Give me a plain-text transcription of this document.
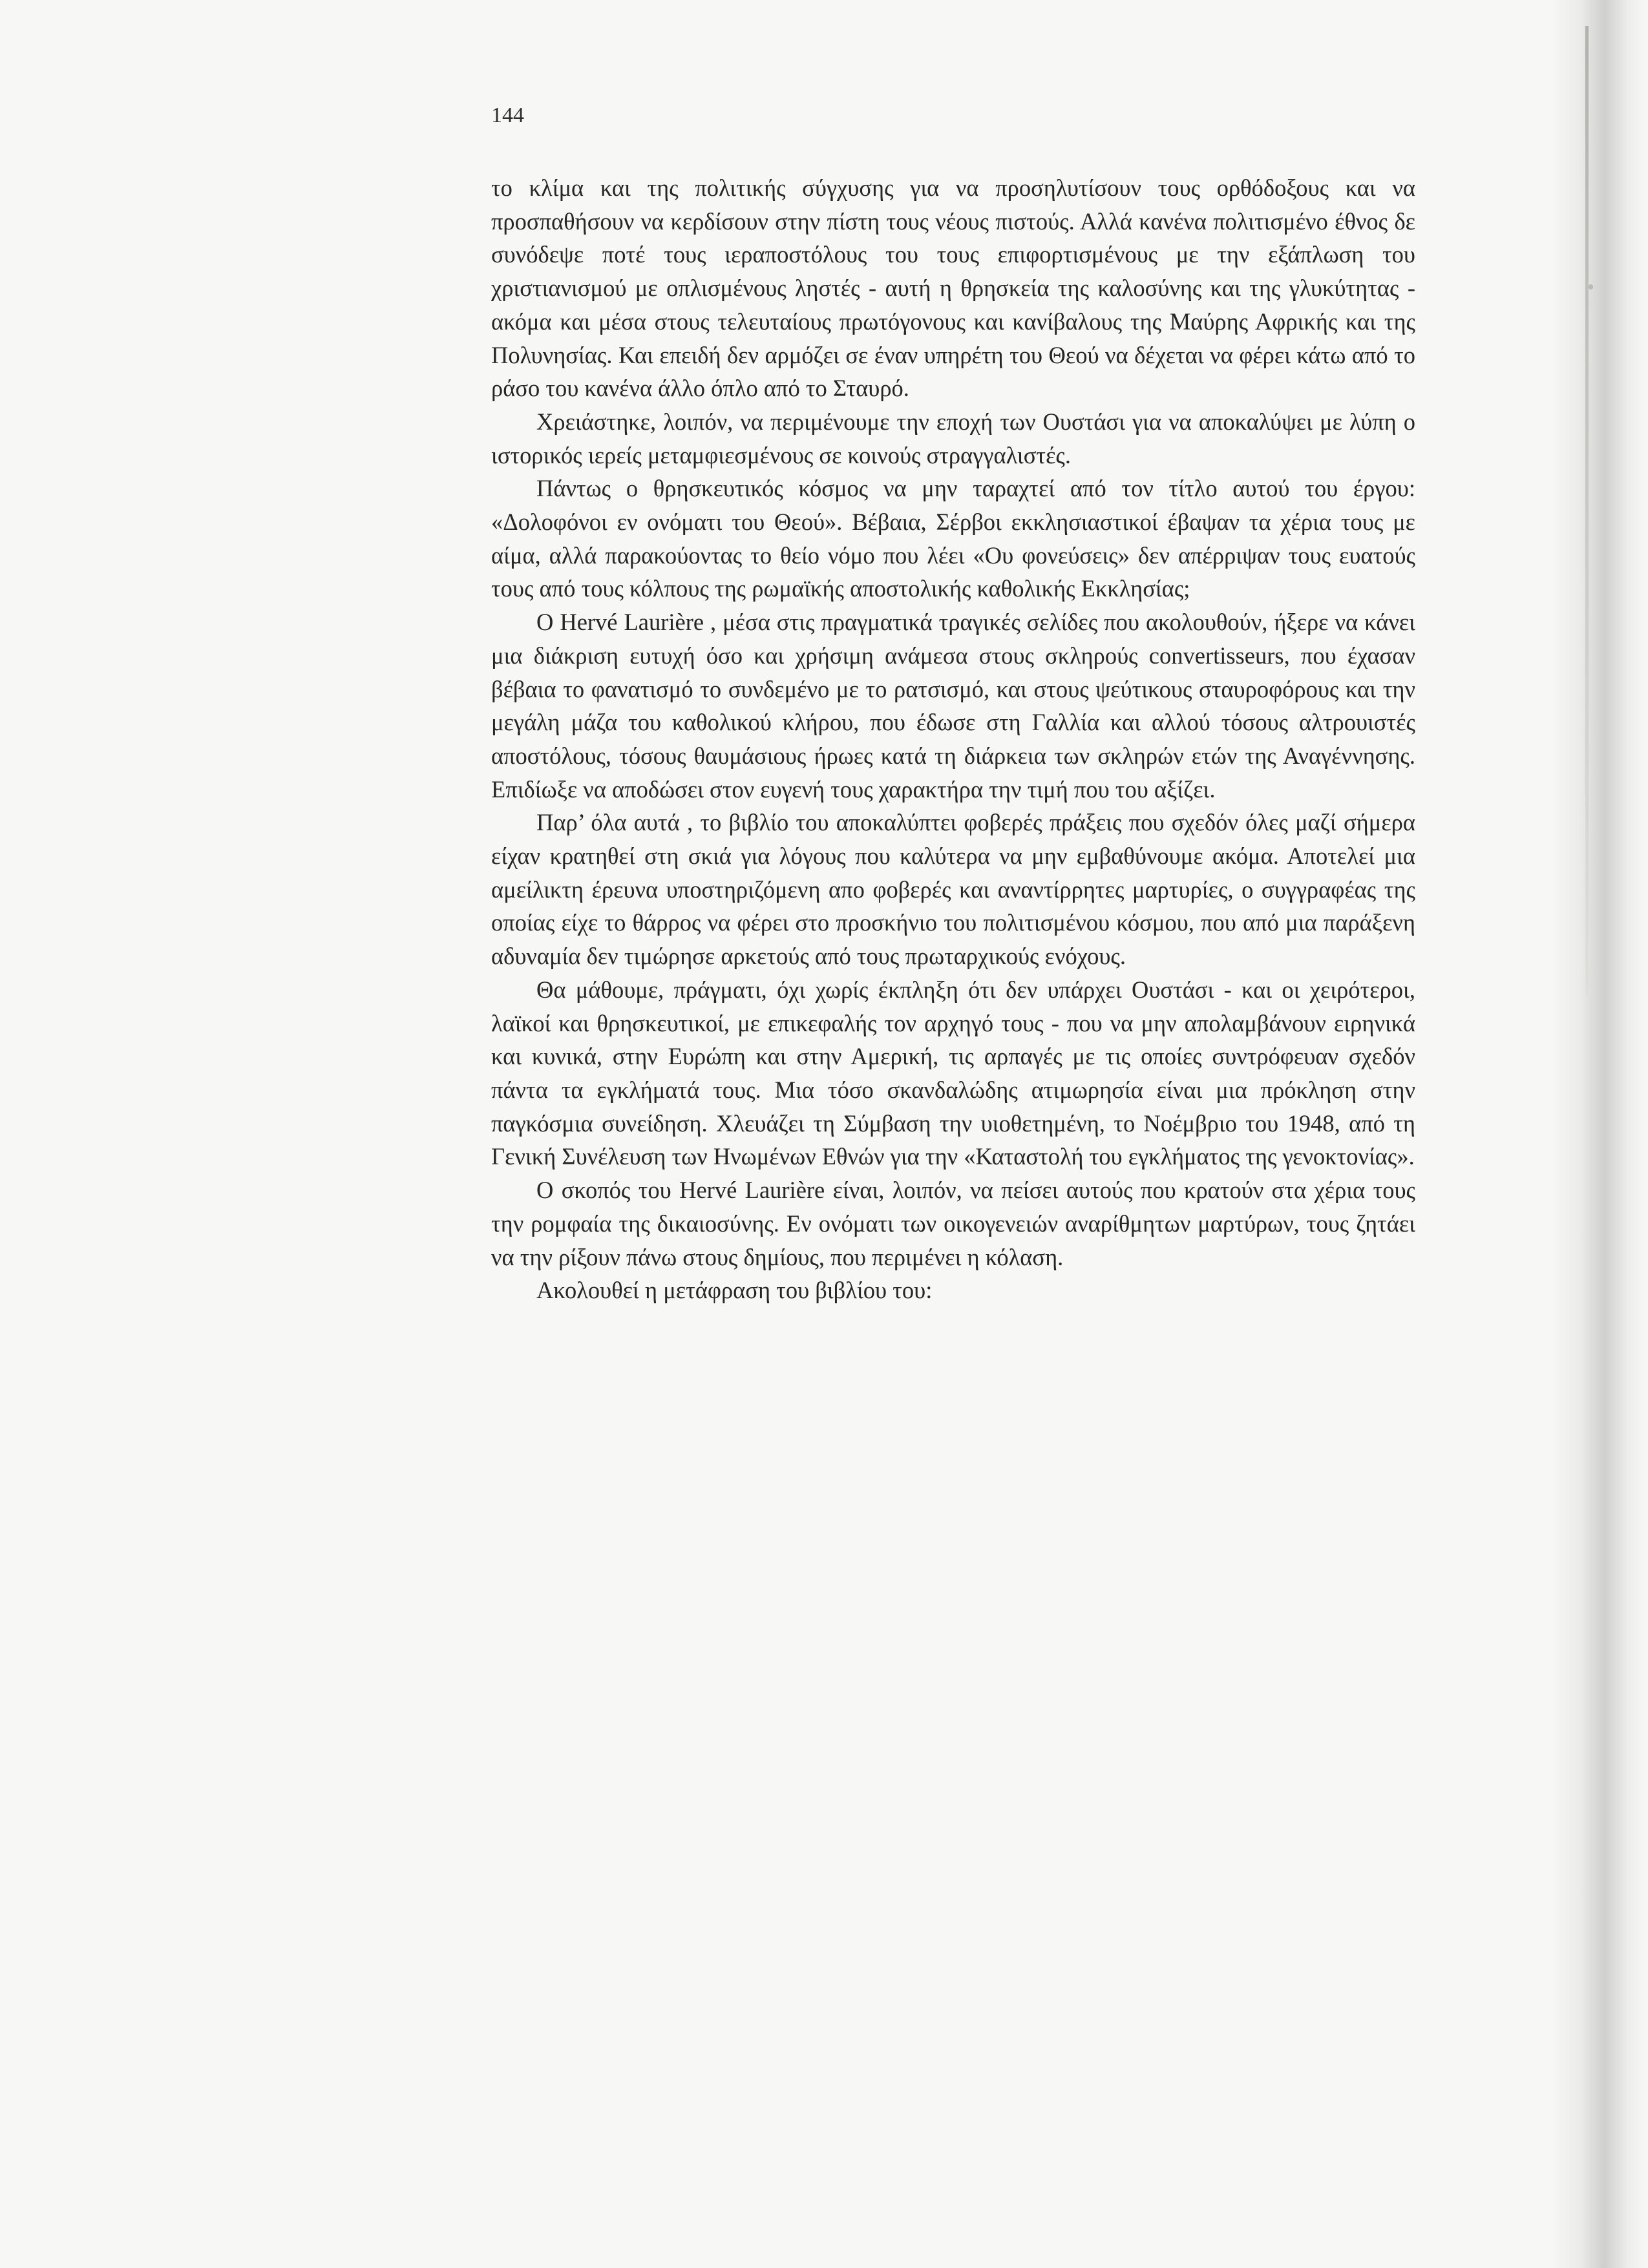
144

το κλίμα και της πολιτικής σύγχυσης για να προσηλυτίσουν τους ορθόδοξους και να προσπαθήσουν να κερδίσουν στην πίστη τους νέους πιστούς. Αλλά κανένα πολιτισμένο έθνος δε συνόδεψε ποτέ τους ιεραποστόλους του τους επιφορτισμένους με την εξάπλωση του χριστιανισμού με οπλισμένους ληστές - αυτή η θρησκεία της καλοσύνης και της γλυκύτητας - ακόμα και μέσα στους τελευταίους πρωτόγονους και κανίβαλους της Μαύρης Αφρικής και της Πολυνησίας. Και επειδή δεν αρμόζει σε έναν υπηρέτη του Θεού να δέχεται να φέρει κάτω από το ράσο του κανένα άλλο όπλο από το Σταυρό.

Χρειάστηκε, λοιπόν, να περιμένουμε την εποχή των Ουστάσι για να αποκαλύψει με λύπη ο ιστορικός ιερείς μεταμφιεσμένους σε κοινούς στραγγαλιστές.

Πάντως ο θρησκευτικός κόσμος να μην ταραχτεί από τον τίτλο αυτού του έργου: «Δολοφόνοι εν ονόματι του Θεού». Βέβαια, Σέρβοι εκκλησιαστικοί έβαψαν τα χέρια τους με αίμα, αλλά παρακούοντας το θείο νόμο που λέει «Ου φονεύσεις» δεν απέρριψαν τους ευατούς τους από τους κόλπους της ρωμαϊκής αποστολικής καθολικής Εκκλησίας;

Ο Hervé Laurière , μέσα στις πραγματικά τραγικές σελίδες που ακολουθούν, ήξερε να κάνει μια διάκριση ευτυχή όσο και χρήσιμη ανάμεσα στους σκληρούς convertisseurs, που έχασαν βέβαια το φανατισμό το συνδεμένο με το ρατσισμό, και στους ψεύτικους σταυροφόρους και την μεγάλη μάζα του καθολικού κλήρου, που έδωσε στη Γαλλία και αλλού τόσους αλτρουιστές αποστόλους, τόσους θαυμάσιους ήρωες κατά τη διάρκεια των σκληρών ετών της Αναγέννησης. Επιδίωξε να αποδώσει στον ευγενή τους χαρακτήρα την τιμή που του αξίζει.

Παρ’ όλα αυτά , το βιβλίο του αποκαλύπτει φοβερές πράξεις που σχεδόν όλες μαζί σήμερα είχαν κρατηθεί στη σκιά για λόγους που καλύτερα να μην εμβαθύνουμε ακόμα. Αποτελεί μια αμείλικτη έρευνα υποστηριζόμενη απο φοβερές και αναντίρρητες μαρτυρίες, ο συγγραφέας της οποίας είχε το θάρρος να φέρει στο προσκήνιο του πολιτισμένου κόσμου, που από μια παράξενη αδυναμία δεν τιμώρησε αρκετούς από τους πρωταρχικούς ενόχους.

Θα μάθουμε, πράγματι, όχι χωρίς έκπληξη ότι δεν υπάρχει Ουστάσι - και οι χειρότεροι, λαϊκοί και θρησκευτικοί, με επικεφαλής τον αρχηγό τους - που να μην απολαμβάνουν ειρηνικά και κυνικά, στην Ευρώπη και στην Αμερική, τις αρπαγές με τις οποίες συντρόφευαν σχεδόν πάντα τα εγκλήματά τους. Μια τόσο σκανδαλώδης ατιμωρησία είναι μια πρόκληση στην παγκόσμια συνείδηση. Χλευάζει τη Σύμβαση την υιοθετημένη, το Νοέμβριο του 1948, από τη Γενική Συνέλευση των Ηνωμένων Εθνών για την «Καταστολή του εγκλήματος της γενοκτονίας».

Ο σκοπός του Hervé Laurière είναι, λοιπόν, να πείσει αυτούς που κρατούν στα χέρια τους την ρομφαία της δικαιοσύνης. Εν ονόματι των οικογενειών αναρίθμητων μαρτύρων, τους ζητάει να την ρίξουν πάνω στους δημίους, που περιμένει η κόλαση.

Ακολουθεί η μετάφραση του βιβλίου του:
